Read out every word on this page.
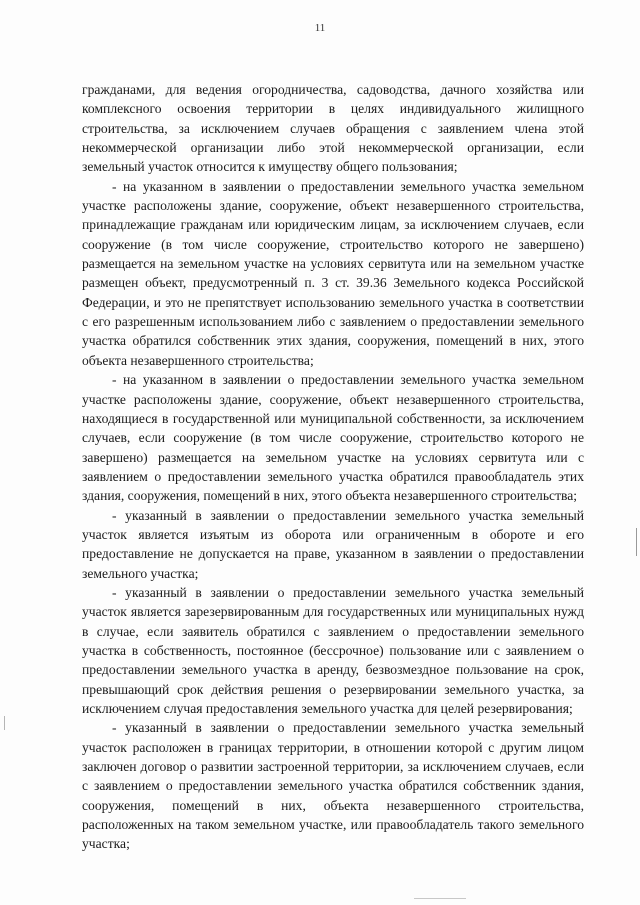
11

гражданами, для ведения огородничества, садоводства, дачного хозяйства или комплексного освоения территории в целях индивидуального жилищного строительства, за исключением случаев обращения с заявлением члена этой некоммерческой организации либо этой некоммерческой организации, если земельный участок относится к имуществу общего пользования;

- на указанном в заявлении о предоставлении земельного участка земельном участке расположены здание, сооружение, объект незавершенного строительства, принадлежащие гражданам или юридическим лицам, за исключением случаев, если сооружение (в том числе сооружение, строительство которого не завершено) размещается на земельном участке на условиях сервитута или на земельном участке размещен объект, предусмотренный п. 3 ст. 39.36 Земельного кодекса Российской Федерации, и это не препятствует использованию земельного участка в соответствии с его разрешенным использованием либо с заявлением о предоставлении земельного участка обратился собственник этих здания, сооружения, помещений в них, этого объекта незавершенного строительства;

- на указанном в заявлении о предоставлении земельного участка земельном участке расположены здание, сооружение, объект незавершенного строительства, находящиеся в государственной или муниципальной собственности, за исключением случаев, если сооружение (в том числе сооружение, строительство которого не завершено) размещается на земельном участке на условиях сервитута или с заявлением о предоставлении земельного участка обратился правообладатель этих здания, сооружения, помещений в них, этого объекта незавершенного строительства;

- указанный в заявлении о предоставлении земельного участка земельный участок является изъятым из оборота или ограниченным в обороте и его предоставление не допускается на праве, указанном в заявлении о предоставлении земельного участка;

- указанный в заявлении о предоставлении земельного участка земельный участок является зарезервированным для государственных или муниципальных нужд в случае, если заявитель обратился с заявлением о предоставлении земельного участка в собственность, постоянное (бессрочное) пользование или с заявлением о предоставлении земельного участка в аренду, безвозмездное пользование на срок, превышающий срок действия решения о резервировании земельного участка, за исключением случая предоставления земельного участка для целей резервирования;

- указанный в заявлении о предоставлении земельного участка земельный участок расположен в границах территории, в отношении которой с другим лицом заключен договор о развитии застроенной территории, за исключением случаев, если с заявлением о предоставлении земельного участка обратился собственник здания, сооружения, помещений в них, объекта незавершенного строительства, расположенных на таком земельном участке, или правообладатель такого земельного участка;
